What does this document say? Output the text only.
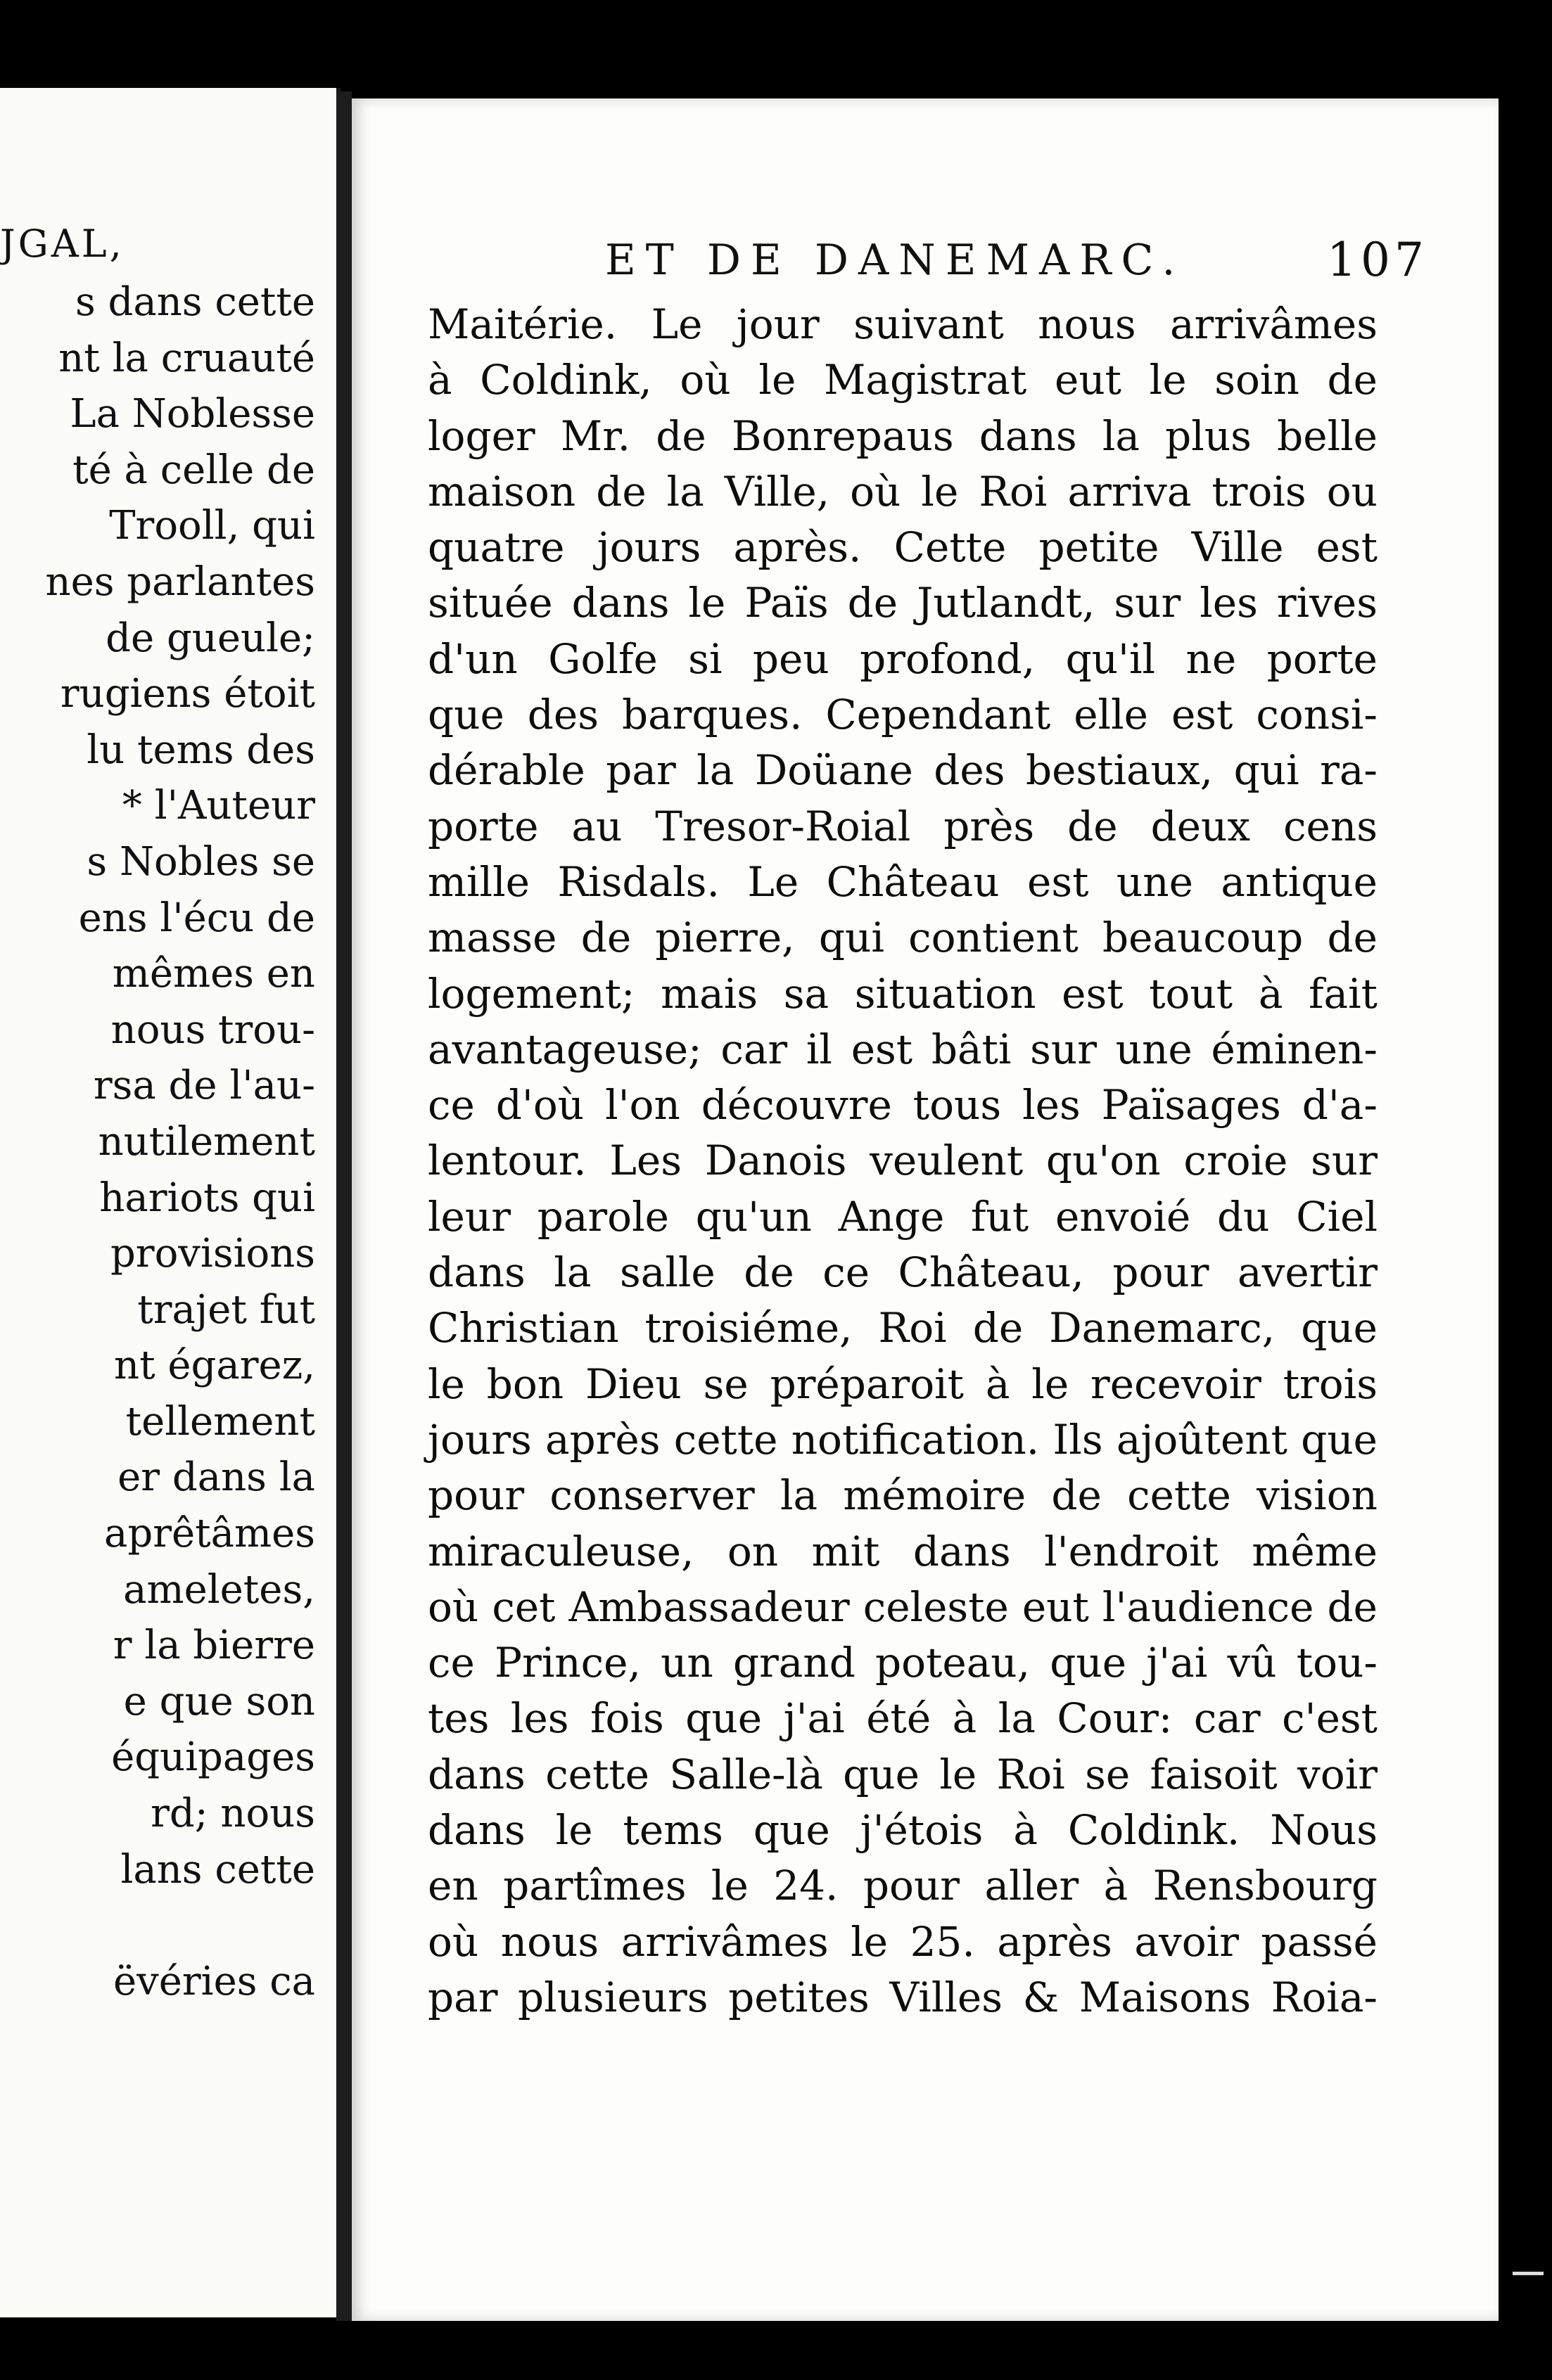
JGAL,
s dans cette
nt la cruauté
La Noblesse
té à celle de
Trooll, qui
nes parlantes
de gueule;
rugiens étoit
lu tems des
* l'Auteur
s Nobles se
ens l'écu de
mêmes en
nous trou-
rsa de l'au-
nutilement
hariots qui
provisions
trajet fut
nt égarez,
tellement
er dans la
aprêtâmes
ameletes,
r la bierre
e que son
équipages
rd; nous
lans cette
ëvéries ca
ET DE DANEMARC.	107
Maitérie. Le jour suivant nous arrivâmes
à Coldink, où le Magistrat eut le soin de
loger Mr. de Bonrepaus dans la plus belle
maison de la Ville, où le Roi arriva trois ou
quatre jours après. Cette petite Ville est
située dans le Païs de Jutlandt, sur les rives
d'un Golfe si peu profond, qu'il ne porte
que des barques. Cependant elle est consi-
dérable par la Doüane des bestiaux, qui ra-
porte au Tresor-Roial près de deux cens
mille Risdals. Le Château est une antique
masse de pierre, qui contient beaucoup de
logement; mais sa situation est tout à fait
avantageuse; car il est bâti sur une éminen-
ce d'où l'on découvre tous les Païsages d'a-
lentour. Les Danois veulent qu'on croie sur
leur parole qu'un Ange fut envoié du Ciel
dans la salle de ce Château, pour avertir
Christian troisiéme, Roi de Danemarc, que
le bon Dieu se préparoit à le recevoir trois
jours après cette notification. Ils ajoûtent que
pour conserver la mémoire de cette vision
miraculeuse, on mit dans l'endroit même
où cet Ambassadeur celeste eut l'audience de
ce Prince, un grand poteau, que j'ai vû tou-
tes les fois que j'ai été à la Cour: car c'est
dans cette Salle-là que le Roi se faisoit voir
dans le tems que j'étois à Coldink. Nous
en partîmes le 24. pour aller à Rensbourg
où nous arrivâmes le 25. après avoir passé
par plusieurs petites Villes & Maisons Roia-
